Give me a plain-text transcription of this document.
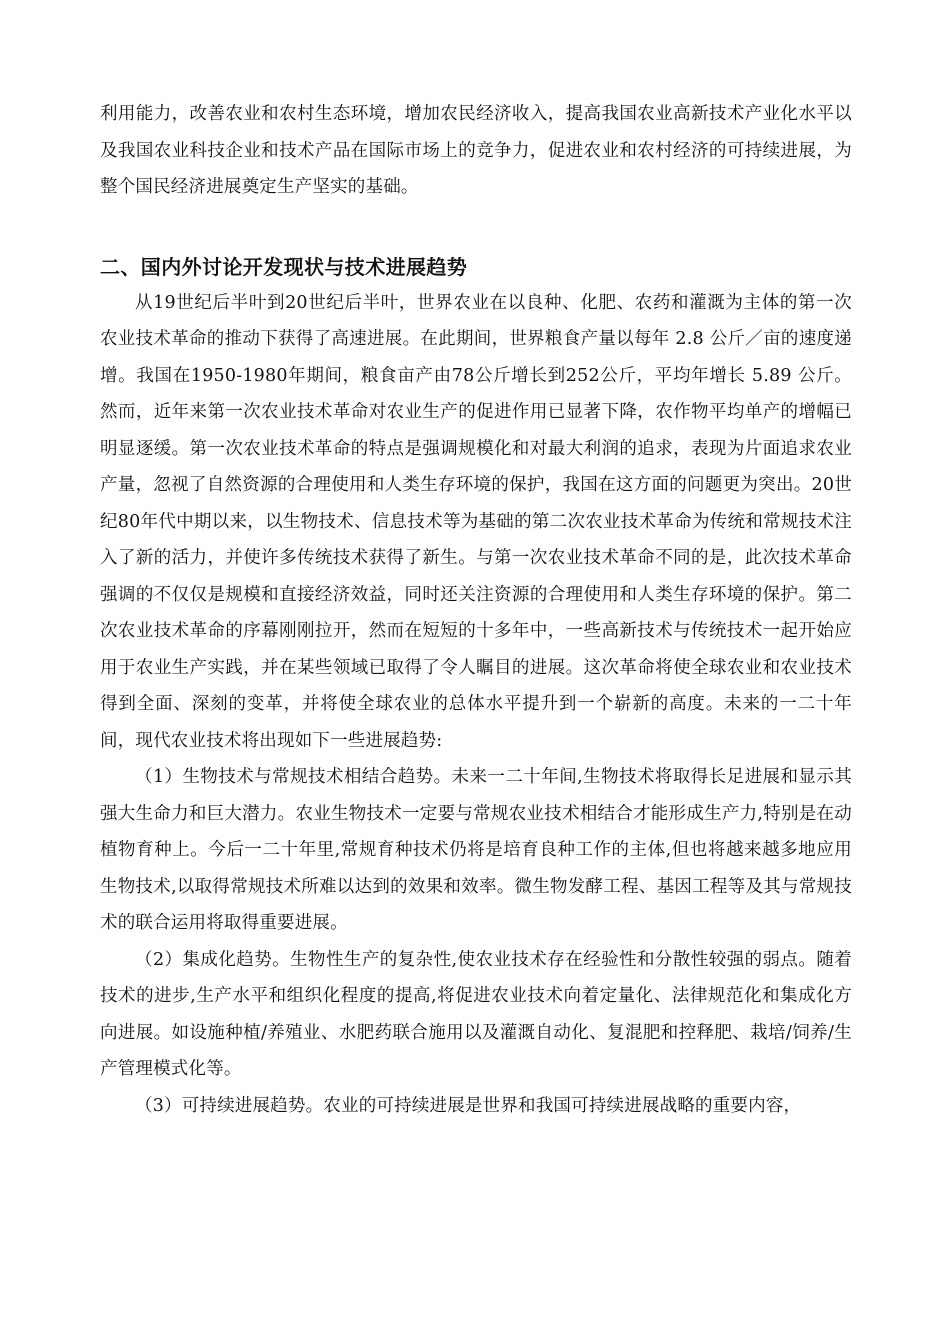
利用能力，改善农业和农村生态环境，增加农民经济收入，提高我国农业高新技术产业化水平以及我国农业科技企业和技术产品在国际市场上的竞争力，促进农业和农村经济的可持续进展，为整个国民经济进展奠定生产坚实的基础。

二、国内外讨论开发现状与技术进展趋势

从19世纪后半叶到20世纪后半叶，世界农业在以良种、化肥、农药和灌溉为主体的第一次农业技术革命的推动下获得了高速进展。在此期间，世界粮食产量以每年 2.8 公斤／亩的速度递增。我国在1950-1980年期间，粮食亩产由78公斤增长到252公斤，平均年增长 5.89 公斤。然而，近年来第一次农业技术革命对农业生产的促进作用已显著下降，农作物平均单产的增幅已明显逐缓。第一次农业技术革命的特点是强调规模化和对最大利润的追求，表现为片面追求农业产量，忽视了自然资源的合理使用和人类生存环境的保护，我国在这方面的问题更为突出。20世纪80年代中期以来，以生物技术、信息技术等为基础的第二次农业技术革命为传统和常规技术注入了新的活力，并使许多传统技术获得了新生。与第一次农业技术革命不同的是，此次技术革命强调的不仅仅是规模和直接经济效益，同时还关注资源的合理使用和人类生存环境的保护。第二次农业技术革命的序幕刚刚拉开，然而在短短的十多年中，一些高新技术与传统技术一起开始应用于农业生产实践，并在某些领域已取得了令人瞩目的进展。这次革命将使全球农业和农业技术得到全面、深刻的变革，并将使全球农业的总体水平提升到一个崭新的高度。未来的一二十年间，现代农业技术将出现如下一些进展趋势:

（1）生物技术与常规技术相结合趋势。未来一二十年间,生物技术将取得长足进展和显示其强大生命力和巨大潜力。农业生物技术一定要与常规农业技术相结合才能形成生产力,特别是在动植物育种上。今后一二十年里,常规育种技术仍将是培育良种工作的主体,但也将越来越多地应用生物技术,以取得常规技术所难以达到的效果和效率。微生物发酵工程、基因工程等及其与常规技术的联合运用将取得重要进展。

（2）集成化趋势。生物性生产的复杂性,使农业技术存在经验性和分散性较强的弱点。随着技术的进步,生产水平和组织化程度的提高,将促进农业技术向着定量化、法律规范化和集成化方向进展。如设施种植/养殖业、水肥药联合施用以及灌溉自动化、复混肥和控释肥、栽培/饲养/生产管理模式化等。

（3）可持续进展趋势。农业的可持续进展是世界和我国可持续进展战略的重要内容，
